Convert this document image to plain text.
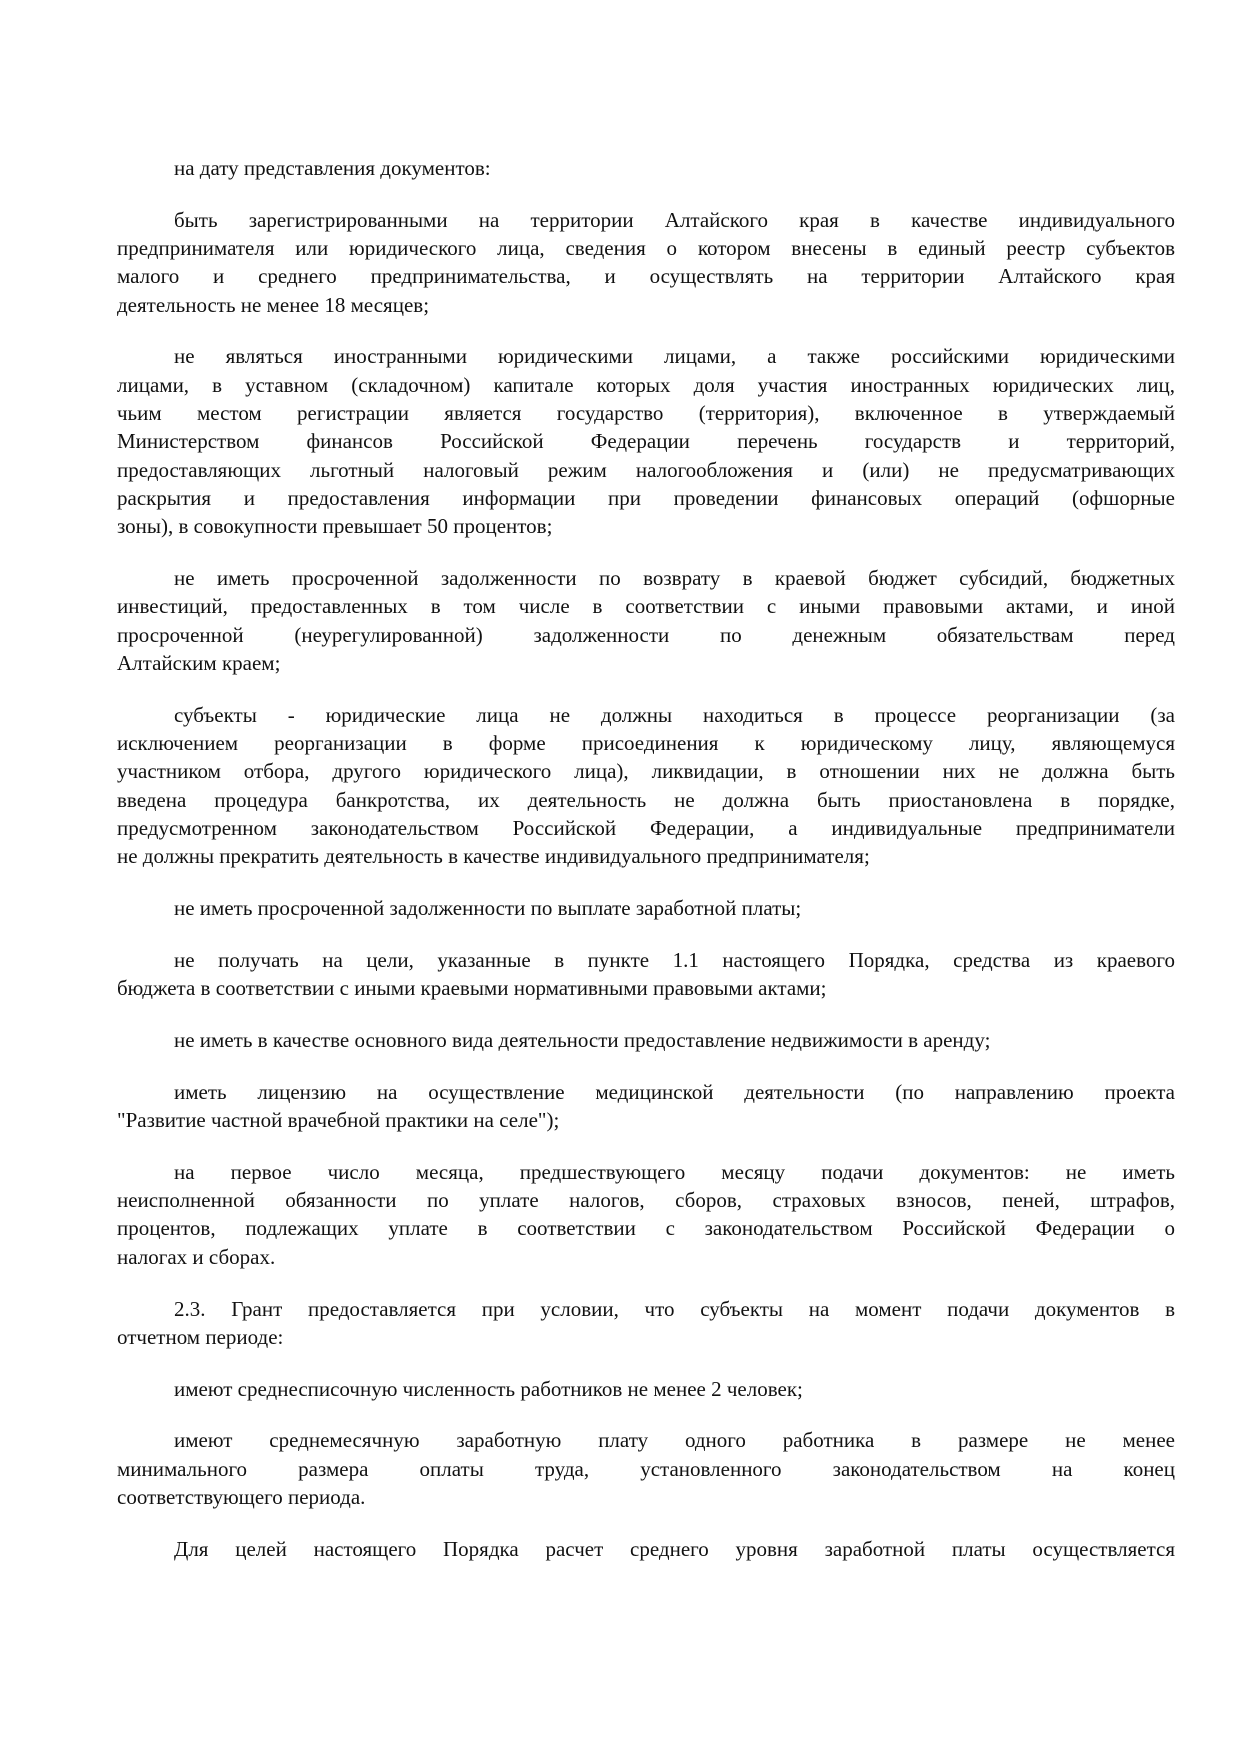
на дату представления документов:

быть зарегистрированными на территории Алтайского края в качестве индивидуального
предпринимателя или юридического лица, сведения о котором внесены в единый реестр субъектов
малого и среднего предпринимательства, и осуществлять на территории Алтайского края
деятельность не менее 18 месяцев;

не являться иностранными юридическими лицами, а также российскими юридическими
лицами, в уставном (складочном) капитале которых доля участия иностранных юридических лиц,
чьим местом регистрации является государство (территория), включенное в утверждаемый
Министерством финансов Российской Федерации перечень государств и территорий,
предоставляющих льготный налоговый режим налогообложения и (или) не предусматривающих
раскрытия и предоставления информации при проведении финансовых операций (офшорные
зоны), в совокупности превышает 50 процентов;

не иметь просроченной задолженности по возврату в краевой бюджет субсидий, бюджетных
инвестиций, предоставленных в том числе в соответствии с иными правовыми актами, и иной
просроченной (неурегулированной) задолженности по денежным обязательствам перед
Алтайским краем;

субъекты - юридические лица не должны находиться в процессе реорганизации (за
исключением реорганизации в форме присоединения к юридическому лицу, являющемуся
участником отбора, другого юридического лица), ликвидации, в отношении них не должна быть
введена процедура банкротства, их деятельность не должна быть приостановлена в порядке,
предусмотренном законодательством Российской Федерации, а индивидуальные предприниматели
не должны прекратить деятельность в качестве индивидуального предпринимателя;

не иметь просроченной задолженности по выплате заработной платы;

не получать на цели, указанные в пункте 1.1 настоящего Порядка, средства из краевого
бюджета в соответствии с иными краевыми нормативными правовыми актами;

не иметь в качестве основного вида деятельности предоставление недвижимости в аренду;

иметь лицензию на осуществление медицинской деятельности (по направлению проекта
"Развитие частной врачебной практики на селе");

на первое число месяца, предшествующего месяцу подачи документов: не иметь
неисполненной обязанности по уплате налогов, сборов, страховых взносов, пеней, штрафов,
процентов, подлежащих уплате в соответствии с законодательством Российской Федерации о
налогах и сборах.

2.3. Грант предоставляется при условии, что субъекты на момент подачи документов в
отчетном периоде:

имеют среднесписочную численность работников не менее 2 человек;

имеют среднемесячную заработную плату одного работника в размере не менее
минимального размера оплаты труда, установленного законодательством на конец
соответствующего периода.

Для целей настоящего Порядка расчет среднего уровня заработной платы осуществляется
